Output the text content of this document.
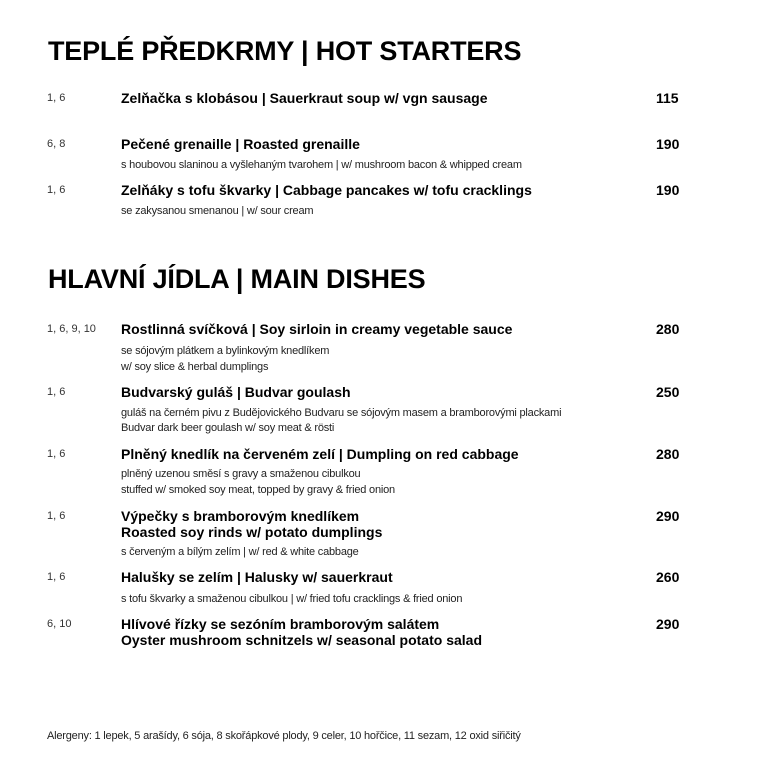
TEPLÉ PŘEDKRMY | HOT STARTERS
1, 6	Zelňačka s klobásou | Sauerkraut soup w/ vgn sausage	115
6, 8	Pečené grenaille | Roasted grenaille	190
s houbovou slaninou a vyšlehaným tvarohem | w/ mushroom bacon & whipped cream
1, 6	Zelňáky s tofu škvarky | Cabbage pancakes w/ tofu cracklings	190
se zakysanou smenanou | w/ sour cream
HLAVNÍ JÍDLA | MAIN DISHES
1, 6, 9, 10 Rostlinná svíčková | Soy sirloin in creamy vegetable sauce	280
se sójovým plátkem a bylinkovým knedlíkem
w/ soy slice & herbal dumplings
1, 6	Budvarský guláš | Budvar goulash	250
guláš na černém pivu z Budějovického Budvaru se sójovým masem a bramborovými plackami
Budvar dark beer goulash w/ soy meat & rösti
1, 6	Plněný knedlík na červeném zelí | Dumpling on red cabbage	280
plněný uzenou směsí s gravy a smaženou cibulkou
stuffed w/ smoked soy meat, topped by gravy & fried onion
1, 6	Výpečky s bramborovým knedlíkem
Roasted soy rinds w/ potato dumplings
290
s červeným a bílým zelím | w/ red & white cabbage
1, 6	Halušky se zelím | Halusky w/ sauerkraut	260
s tofu škvarky a smaženou cibulkou | w/ fried tofu cracklings & fried onion
6, 10	Hlívové řízky se sezóním bramborovým salátem
Oyster mushroom schnitzels w/ seasonal potato salad
290
Alergeny: 1 lepek, 5 arašídy, 6 sója, 8 skořápkové plody, 9 celer, 10 hořčice, 11 sezam, 12 oxid siřičitý
